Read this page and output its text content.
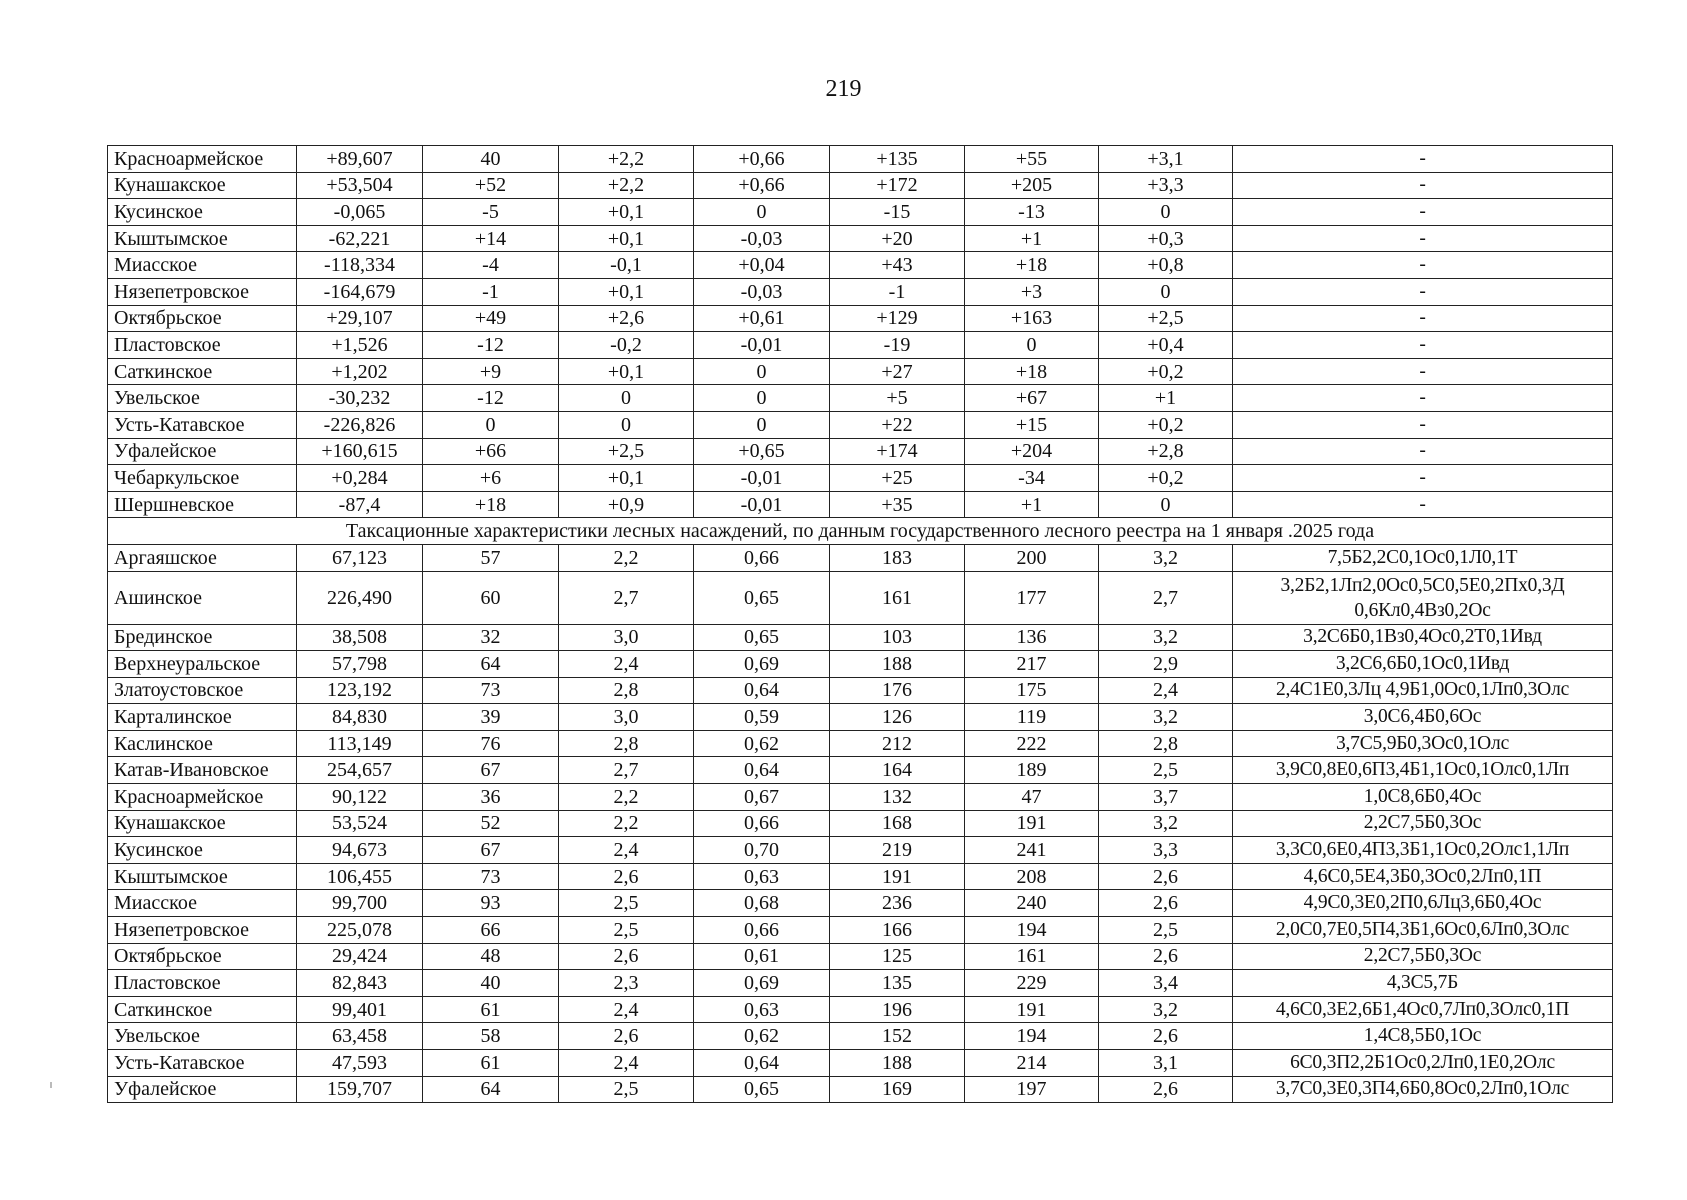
219
Красноармейское	+89,607	40	+2,2	+0,66	+135	+55	+3,1	-
Кунашакское	+53,504	+52	+2,2	+0,66	+172	+205	+3,3	-
Кусинское	-0,065	-5	+0,1	0	-15	-13	0	-
Кыштымское	-62,221	+14	+0,1	-0,03	+20	+1	+0,3	-
Миасское	-118,334	-4	-0,1	+0,04	+43	+18	+0,8	-
Нязепетровское	-164,679	-1	+0,1	-0,03	-1	+3	0	-
Октябрьское	+29,107	+49	+2,6	+0,61	+129	+163	+2,5	-
Пластовское	+1,526	-12	-0,2	-0,01	-19	0	+0,4	-
Саткинское	+1,202	+9	+0,1	0	+27	+18	+0,2	-
Увельское	-30,232	-12	0	0	+5	+67	+1	-
Усть-Катавское	-226,826	0	0	0	+22	+15	+0,2	-
Уфалейское	+160,615	+66	+2,5	+0,65	+174	+204	+2,8	-
Чебаркульское	+0,284	+6	+0,1	-0,01	+25	-34	+0,2	-
Шершневское	-87,4	+18	+0,9	-0,01	+35	+1	0	-
Таксационные характеристики лесных насаждений, по данным государственного лесного реестра на 1 января .2025 года								
Аргаяшское	67,123	57	2,2	0,66	183	200	3,2	7,5Б2,2С0,1Ос0,1Л0,1Т
Ашинское	226,490	60	2,7	0,65	161	177	2,7	3,2Б2,1Лп2,0Ос0,5С0,5Е0,2Пх0,3Д
0,6Кл0,4Вз0,2Ос

Брединское	38,508	32	3,0	0,65	103	136	3,2	3,2С6Б0,1Вз0,4Ос0,2Т0,1Ивд
Верхнеуральское	57,798	64	2,4	0,69	188	217	2,9	3,2С6,6Б0,1Ос0,1Ивд
Златоустовское	123,192	73	2,8	0,64	176	175	2,4	2,4С1Е0,3Лц 4,9Б1,0Ос0,1Лп0,3Олс
Карталинское	84,830	39	3,0	0,59	126	119	3,2	3,0С6,4Б0,6Ос
Каслинское	113,149	76	2,8	0,62	212	222	2,8	3,7С5,9Б0,3Ос0,1Олс
Катав-Ивановское	254,657	67	2,7	0,64	164	189	2,5	3,9С0,8Е0,6П3,4Б1,1Ос0,1Олс0,1Лп
Красноармейское	90,122	36	2,2	0,67	132	47	3,7	1,0С8,6Б0,4Ос
Кунашакское	53,524	52	2,2	0,66	168	191	3,2	2,2С7,5Б0,3Ос
Кусинское	94,673	67	2,4	0,70	219	241	3,3	3,3С0,6Е0,4П3,3Б1,1Ос0,2Олс1,1Лп
Кыштымское	106,455	73	2,6	0,63	191	208	2,6	4,6С0,5Е4,3Б0,3Ос0,2Лп0,1П
Миасское	99,700	93	2,5	0,68	236	240	2,6	4,9С0,3Е0,2П0,6Лц3,6Б0,4Ос
Нязепетровское	225,078	66	2,5	0,66	166	194	2,5	2,0С0,7Е0,5П4,3Б1,6Ос0,6Лп0,3Олс
Октябрьское	29,424	48	2,6	0,61	125	161	2,6	2,2С7,5Б0,3Ос
Пластовское	82,843	40	2,3	0,69	135	229	3,4	4,3С5,7Б
Саткинское	99,401	61	2,4	0,63	196	191	3,2	4,6С0,3Е2,6Б1,4Ос0,7Лп0,3Олс0,1П
Увельское	63,458	58	2,6	0,62	152	194	2,6	1,4С8,5Б0,1Ос
Усть-Катавское	47,593	61	2,4	0,64	188	214	3,1	6С0,3П2,2Б1Ос0,2Лп0,1Е0,2Олс
Уфалейское	159,707	64	2,5	0,65	169	197	2,6	3,7С0,3Е0,3П4,6Б0,8Ос0,2Лп0,1Олс
